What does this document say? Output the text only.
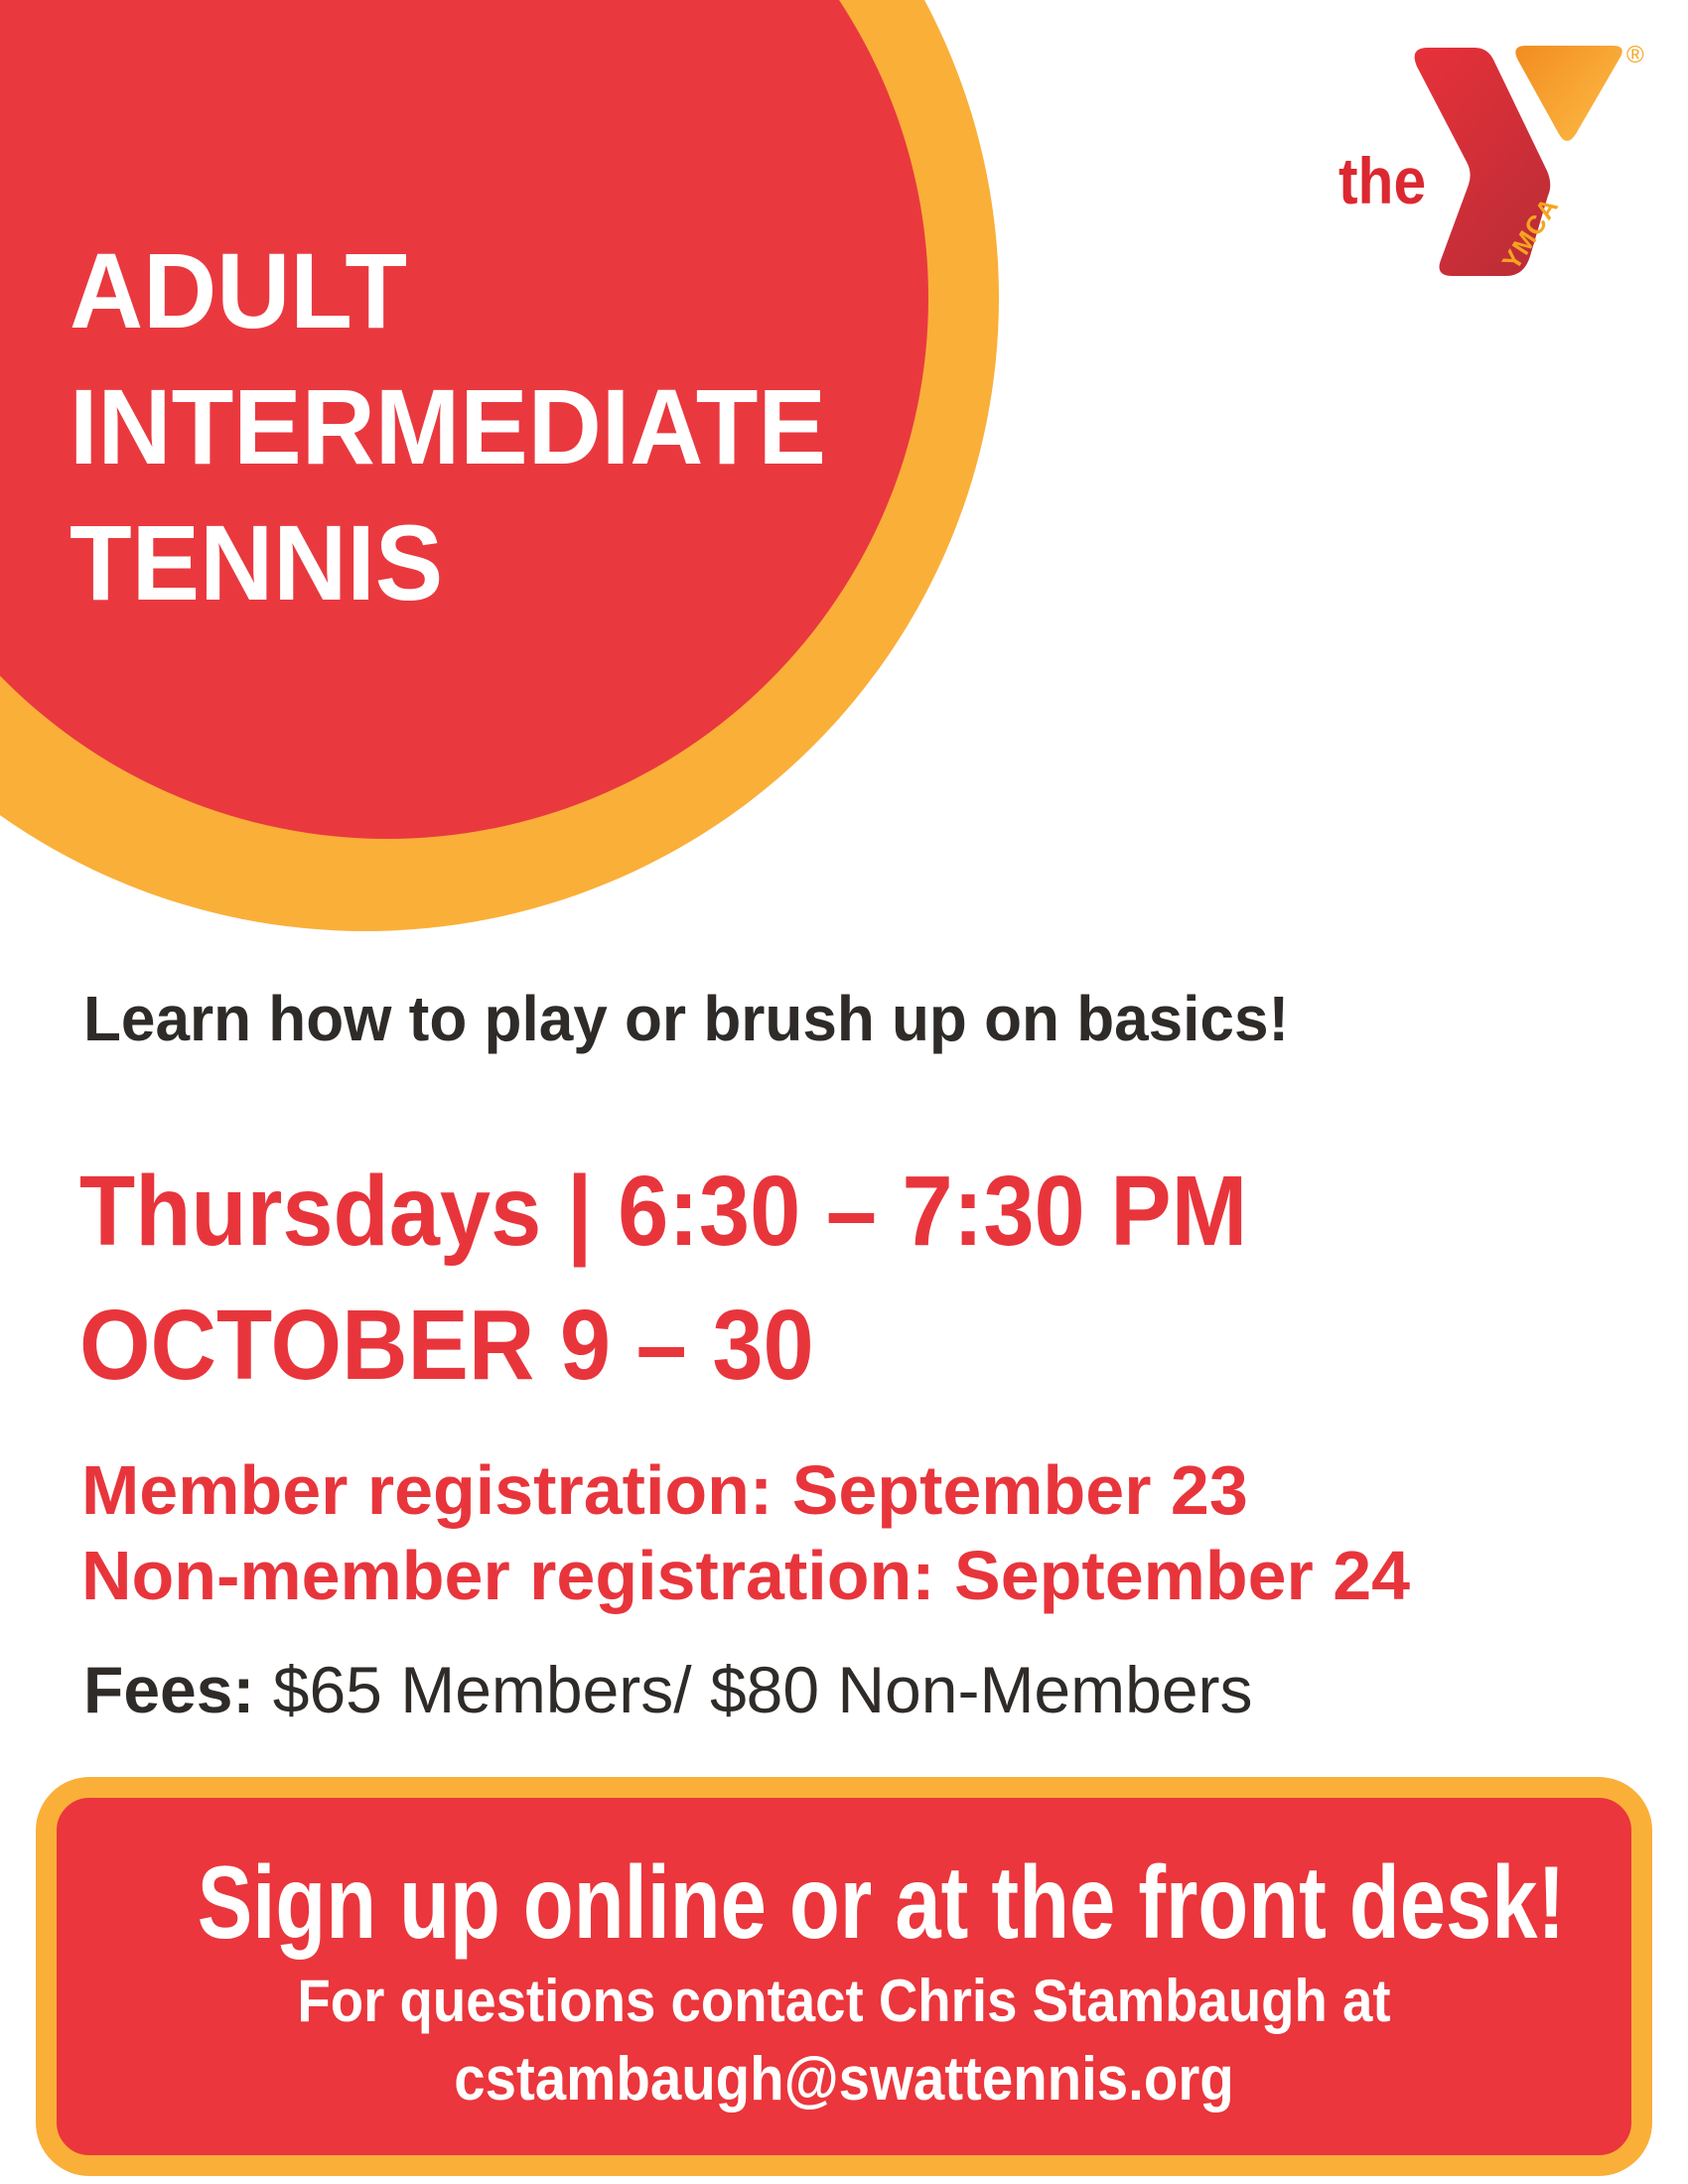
ADULT
INTERMEDIATE
TENNIS
the
YMCA
®

Learn how to play or brush up on basics!

Thursdays | 6:30 – 7:30 PM

OCTOBER 9 – 30

Member registration: September 23
Non-member registration: September 24

Fees: $65 Members/ $80 Non-Members

Sign up online or at the front desk!

For questions contact Chris Stambaugh at

cstambaugh@swattennis.org
